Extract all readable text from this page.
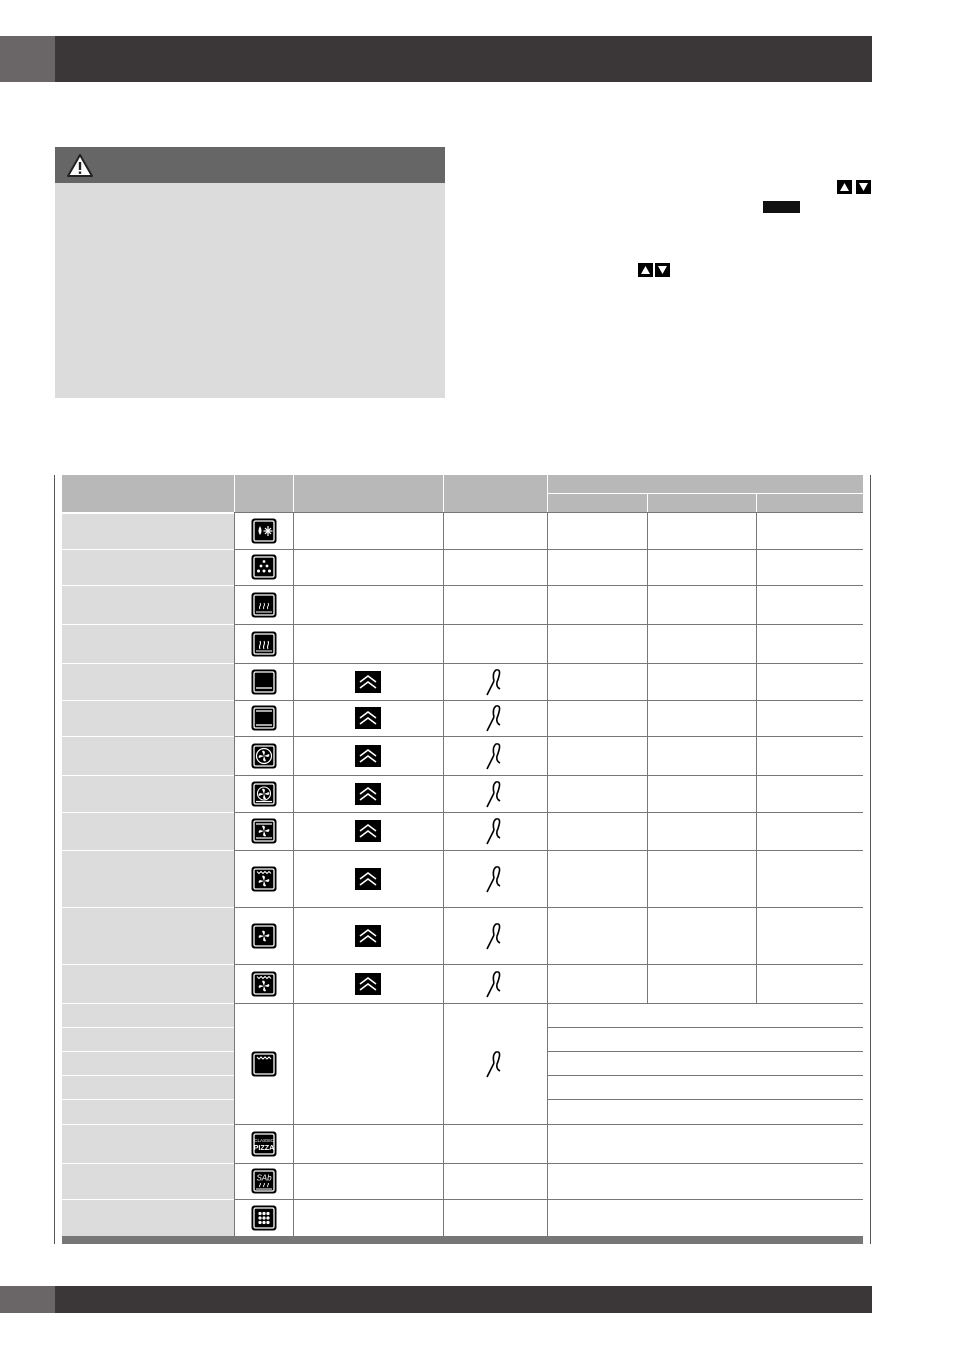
CLASSIC
PIZZA
SAb
